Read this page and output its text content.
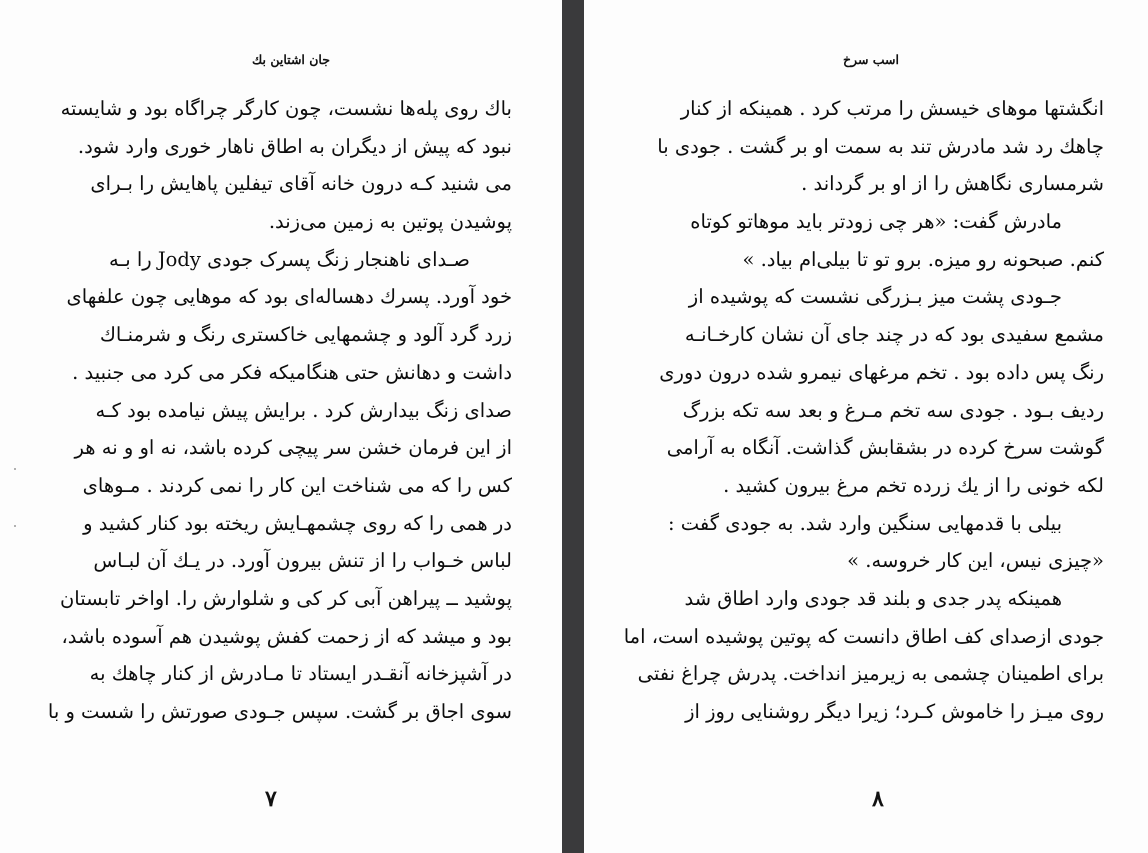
جان اشتاین بك
باك روى پله‌ها نشست، چون کارگر چراگاه بود و شایسته
نبود که پیش از دیگران به اطاق ناهار خوری وارد شود.
می شنید کـه درون خانه آقای تیفلین پاهایش را بـرای
پوشیدن پوتین به زمین می‌زند.
صـدای ناهنجار زنگ پسرک جودی Jody را بـه
خود آورد. پسرك دهساله‌ای بود که موهایی چون علفهای
زرد گرد آلود و چشمهایی خاکستری رنگ و شرمنـاك
داشت و دهانش حتی هنگامیکه فکر می کرد می جنبید .
صدای زنگ بیدارش کرد . برایش پیش نیامده بود کـه
از این فرمان خشن سر پیچی کرده باشد، نه او و نه هر
کس را که می شناخت این کار را نمی کردند . مـوهای
در همی را که روی چشمهـایش ریخته بود کنار کشید و
لباس خـواب را از تنش بیرون آورد. در یـك آن لبـاس
پوشید ــ پیراهن آبی کر کی و شلوارش را. اواخر تابستان
بود و میشد که از زحمت کفش پوشیدن هم آسوده باشد،
در آشپزخانه آنقـدر ایستاد تا مـادرش از کنار چاهك به
سوی اجاق بر گشت. سپس جـودی صورتش را شست و با
۷
اسب سرخ
انگشتها موهای خیسش را مرتب کرد . همینکه از کنار
چاهك رد شد مادرش تند به سمت او بر گشت . جودی با
شرمساری نگاهش را از او بر گرداند .
مادرش گفت: «هر چی زودتر باید موهاتو کوتاه
کنم. صبحونه رو میزه. برو تو تا بیلی‌ام بیاد. »
جـودی پشت میز بـزرگی نشست که پوشیده از
مشمع سفیدی بود که در چند جای آن نشان کارخـانـه
رنگ پس داده بود . تخم مرغهای نیمرو شده درون دوری
ردیف بـود . جودی سه تخم مـرغ و بعد سه تکه بزرگ
گوشت سرخ کرده در بشقابش گذاشت. آنگاه به آرامی
لکه خونی را از یك زرده تخم مرغ بیرون کشید .
بیلی با قدمهایی سنگین وارد شد. به جودی گفت :
«چیزی نیس، این کار خروسه. »
همینکه پدر جدی و بلند قد جودی وارد اطاق شد
جودی ازصدای کف اطاق دانست که پوتین پوشیده است، اما
برای اطمینان چشمی به زیرمیز انداخت. پدرش چراغ نفتی
روی میـز را خاموش کـرد؛ زیرا دیگر روشنایی روز از
۸
